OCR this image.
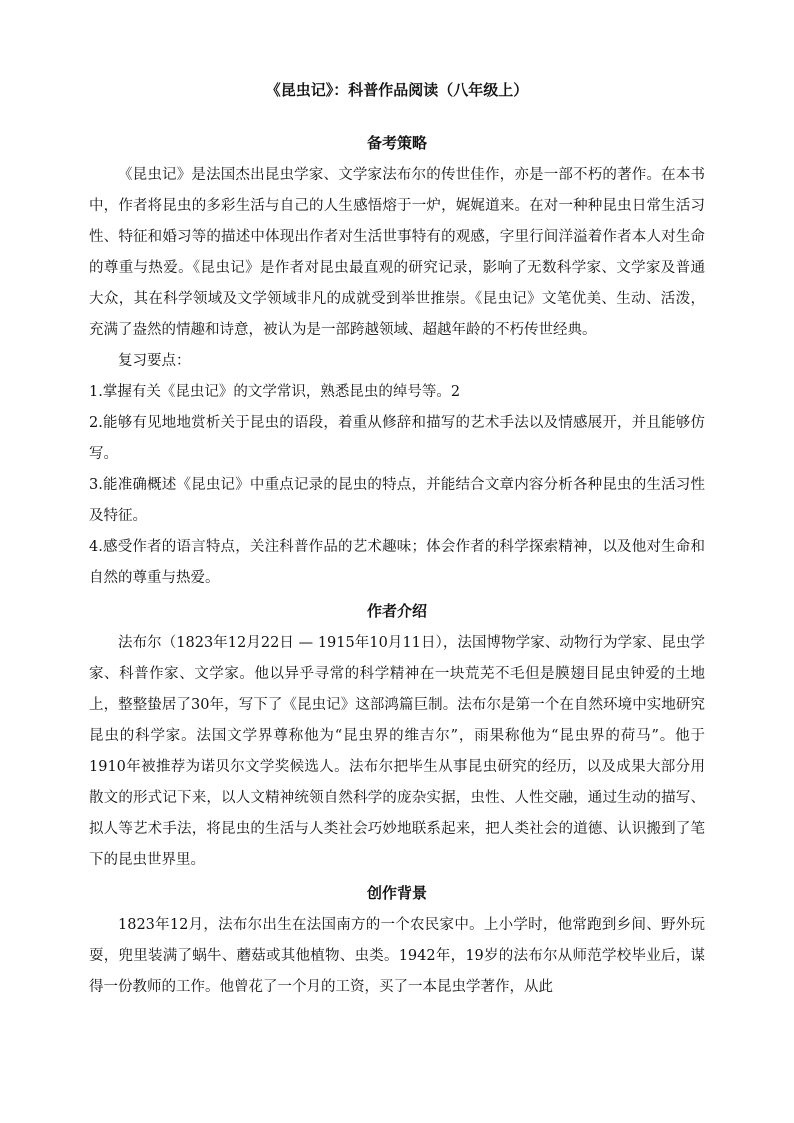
《昆虫记》：科普作品阅读（八年级上）
备考策略

《昆虫记》是法国杰出昆虫学家、文学家法布尔的传世佳作，亦是一部不朽的著作。在本书中，作者将昆虫的多彩生活与自己的人生感悟熔于一炉，娓娓道来。在对一种种昆虫日常生活习性、特征和婚习等的描述中体现出作者对生活世事特有的观感，字里行间洋溢着作者本人对生命的尊重与热爱。《昆虫记》是作者对昆虫最直观的研究记录，影响了无数科学家、文学家及普通大众，其在科学领域及文学领域非凡的成就受到举世推崇。《昆虫记》文笔优美、生动、活泼，充满了盎然的情趣和诗意，被认为是一部跨越领域、超越年龄的不朽传世经典。

复习要点：

1.掌握有关《昆虫记》的文学常识，熟悉昆虫的绰号等。2

2.能够有见地地赏析关于昆虫的语段，着重从修辞和描写的艺术手法以及情感展开，并且能够仿写。

3.能准确概述《昆虫记》中重点记录的昆虫的特点，并能结合文章内容分析各种昆虫的生活习性及特征。

4.感受作者的语言特点，关注科普作品的艺术趣味；体会作者的科学探索精神，以及他对生命和自然的尊重与热爱。

作者介绍

法布尔（1823年12月22日 — 1915年10月11日），法国博物学家、动物行为学家、昆虫学家、科普作家、文学家。他以异乎寻常的科学精神在一块荒芜不毛但是膜翅目昆虫钟爱的土地上，整整蛰居了30年，写下了《昆虫记》这部鸿篇巨制。法布尔是第一个在自然环境中实地研究昆虫的科学家。法国文学界尊称他为“昆虫界的维吉尔”，雨果称他为“昆虫界的荷马”。他于1910年被推荐为诺贝尔文学奖候选人。法布尔把毕生从事昆虫研究的经历，以及成果大部分用散文的形式记下来，以人文精神统领自然科学的庞杂实据，虫性、人性交融，通过生动的描写、拟人等艺术手法，将昆虫的生活与人类社会巧妙地联系起来，把人类社会的道德、认识搬到了笔下的昆虫世界里。

创作背景

1823年12月，法布尔出生在法国南方的一个农民家中。上小学时，他常跑到乡间、野外玩耍，兜里装满了蜗牛、蘑菇或其他植物、虫类。1942年，19岁的法布尔从师范学校毕业后，谋得一份教师的工作。他曾花了一个月的工资，买了一本昆虫学著作，从此
